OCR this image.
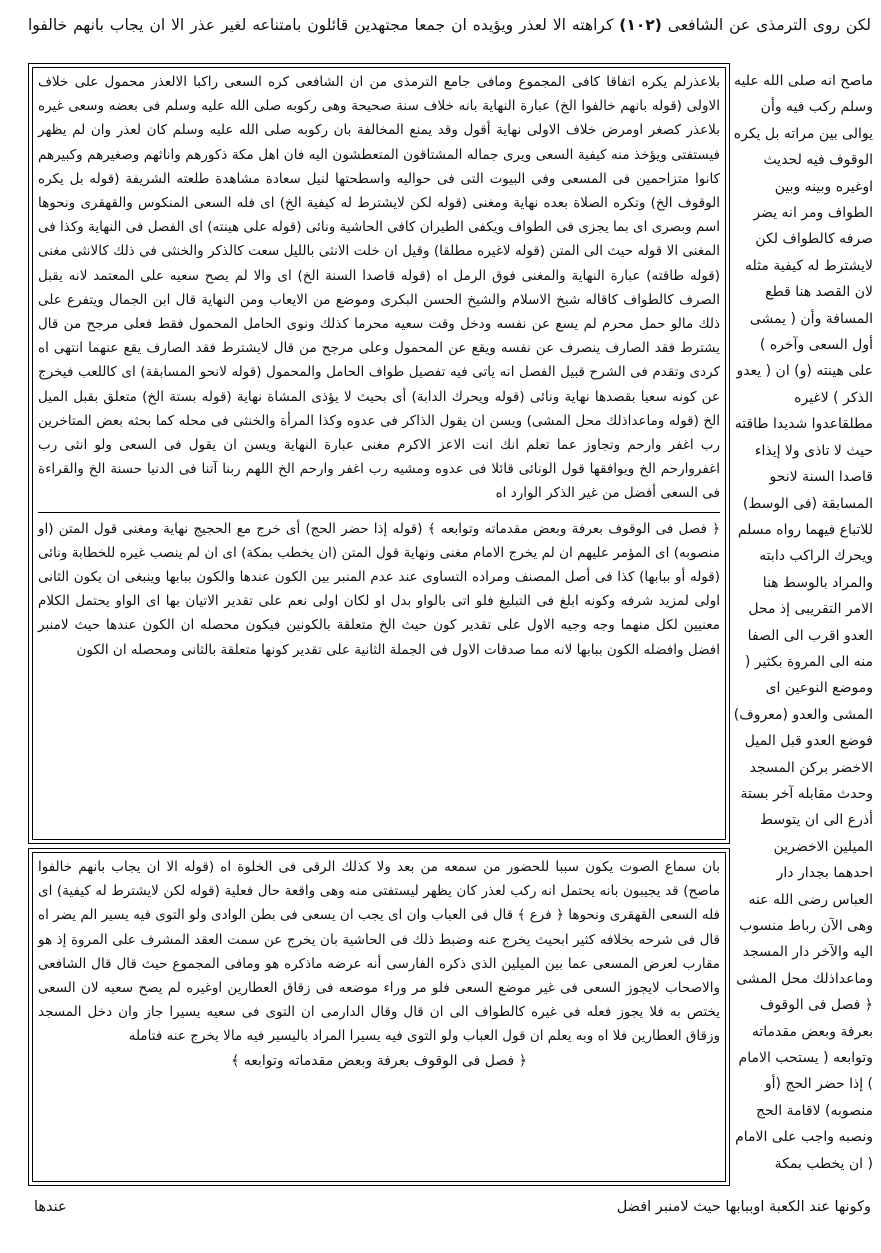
لكن روى الترمذى عن الشافعى (١٠٢) كراهته الا لعذر ويؤيده ان جمعا مجتهدين قائلون بامتناعه لغير عذر الا ان يجاب بانهم خالفوا
ماصح انه صلى الله عليه وسلم ركب فيه وأن يوالى بين مراته بل يكره الوقوف فيه لحديث اوغيره وبينه وبين الطواف ومر انه يضر صرفه كالطواف لكن لايشترط له كيفية مثله لان القصد هنا قطع المسافة وأن ( يمشى أول السعى وآخره ) على هينته (و) ان ( يعدو الذكر ) لاغيره مطلقاعدوا شديدا طاقته حيث لا تاذى ولا إيذاء قاصدا السنة لانحو المسابقة (فى الوسط) للاتباع فيهما رواه مسلم ويحرك الراكب دابته والمراد بالوسط هنا الامر التقريبى إذ محل العدو اقرب الى الصفا منه الى المروة بكثير ( وموضع النوعين اى المشى والعدو (معروف) فوضع العدو قبل الميل الاخضر بركن المسجد وحدث مقابله آخر بستة أذرع الى ان يتوسط الميلين الاخضرين احدهما بجدار دار العباس رضى الله عنه وهى الآن رباط منسوب اليه والآخر دار المسجد وماعداذلك محل المشى ﴿ فصل فى الوقوف بعرفة وبعض مقدماته وتوابعه ( يستحب الامام ) إذا حضر الحج (أو منصوبه) لاقامة الحج ونصبه واجب على الامام ( ان يخطب بمكة

بلاعذرلم يكره اتفاقا كافى المجموع ومافى جامع الترمذى من ان الشافعى كره السعى راكبا الالعذر محمول على خلاف الاولى (قوله بانهم خالفوا الخ) عبارة النهاية بانه خلاف سنة صحيحة وهى ركوبه صلى الله عليه وسلم فى بعضه وسعى غيره بلاعذر كصغر اومرض خلاف الاولى نهاية أقول وقد يمنع المخالفة بان ركوبه صلى الله عليه وسلم كان لعذر وان لم يظهر فيستفتى ويؤخذ منه كيفية السعى ويرى جماله المشتاقون المتعطشون اليه فان اهل مكة ذكورهم واناثهم وصغيرهم وكبيرهم كانوا متزاحمين فى المسعى وفى البيوت التى فى حواليه واسطحتها لنيل سعادة مشاهدة طلعته الشريفة (قوله بل يكره الوقوف الخ) وتكره الصلاة بعده نهاية ومغنى (قوله لكن لايشترط له كيفية الخ) اى فله السعى المنكوس والقهقرى ونحوها اسم وبصرى اى بما يجزى فى الطواف ويكفى الطيران كافى الحاشية ونائى (قوله على هينته) اى الفصل فى النهاية وكذا فى المغنى الا قوله حيث الى المتن (قوله لاغيره مطلقا) وقيل ان خلت الانثى بالليل سعت كالذكر والخنثى فى ذلك كالانثى مغنى (قوله طاقته) عبارة النهاية والمغنى فوق الرمل اه (قوله قاصدا السنة الخ) اى والا لم يصح سعيه على المعتمد لانه يقبل الصرف كالطواف كاقاله شيخ الاسلام والشيخ الحسن البكرى وموضع من الايعاب ومن النهاية قال ابن الجمال ويتفرع على ذلك مالو حمل محرم لم يسع عن نفسه ودخل وقت سعيه محرما كذلك ونوى الحامل المحمول فقط فعلى مرجح من قال يشترط فقد الصارف ينصرف عن نفسه ويقع عن المحمول وعلى مرجح من قال لايشترط فقد الصارف يقع عنهما انتهى اه كردى وتقدم فى الشرح قبيل الفصل انه ياتى فيه تفصيل طواف الحامل والمحمول (قوله لانحو المسابقة) اى كاللعب فيخرج عن كونه سعيا بقصدها نهاية ونائى (قوله ويحرك الدابة) أى بحيث لا يؤذى المشاة نهاية (قوله بستة الخ) متعلق بقبل الميل الخ (قوله وماعداذلك محل المشى) ويسن ان يقول الذاكر فى عدوه وكذا المرأة والخنثى فى محله كما بحثه بعض المتاخرين رب اغفر وارحم وتجاوز عما تعلم انك انت الاعز الاكرم مغنى عبارة النهاية ويسن ان يقول فى السعى ولو انثى رب اغفروارحم الخ ويوافقها قول الونائى قائلا فى عدوه ومشيه رب اغفر وارحم الخ اللهم ربنا آتنا فى الدنيا حسنة الخ والقراءة فى السعى أفضل من غير الذكر الوارد اه

﴿ فصل فى الوقوف بعرفة وبعض مقدماته وتوابعه ﴾ (قوله إذا حضر الحج) أى خرج مع الحجيج نهاية ومغنى قول المتن (او منصوبه) اى المؤمر عليهم ان لم يخرج الامام مغنى ونهاية قول المتن (ان يخطب بمكة) اى ان لم ينصب غيره للخطابة ونائى (قوله أو ببابها) كذا فى أصل المصنف ومراده التساوى عند عدم المنبر بين الكون عندها والكون ببابها وينبغى ان يكون الثانى اولى لمزيد شرفه وكونه ابلغ فى التبليغ فلو اتى بالواو بدل او لكان اولى نعم على تقدير الاتيان بها اى الواو يحتمل الكلام معنيين لكل منهما وجه وجيه الاول على تقدير كون حيث الخ متعلقة بالكونين فيكون محصله ان الكون عندها حيث لامنبر افضل وافضله الكون ببابها لانه مما صدقات الاول فى الجملة الثانية على تقدير كونها متعلقة بالثانى ومحصله ان الكون

بان سماع الصوت يكون سببا للحضور من سمعه من بعد ولا كذلك الرقى فى الخلوة اه (قوله الا ان يجاب بانهم خالفوا ماصح) قد يجيبون بانه يحتمل انه ركب لعذر كان يظهر ليستفتى منه وهى واقعة حال فعلية (قوله لكن لايشترط له كيفية) اى فله السعى القهقرى ونحوها ﴿ فرع ﴾ قال فى العباب وان اى يجب ان يسعى فى بطن الوادى ولو التوى فيه يسير الم يضر اه قال فى شرحه بخلافه كثير ابحيث يخرج عنه وضبط ذلك فى الحاشية بان يخرج عن سمت العقد المشرف على المروة إذ هو مقارب لعرض المسعى عما بين الميلين الذى ذكره الفارسى أنه عرضه ماذكره هو ومافى المجموع حيث قال قال الشافعى والاصحاب لايجوز السعى فى غير موضع السعى فلو مر وراء موضعه فى زقاق العطارين اوغيره لم يصح سعيه لان السعى يختص به فلا يجوز فعله فى غيره كالطواف الى ان قال وقال الدارمى ان التوى فى سعيه يسيرا جاز وان دخل المسجد وزقاق العطارين فلا اه وبه يعلم ان قول العباب ولو التوى فيه يسيرا المراد باليسير فيه مالا يخرج عنه فتامله

﴿ فصل فى الوقوف بعرفة وبعض مقدماته وتوابعه ﴾

عندها	وكونها عند الكعبة اوببابها حيث لامنبر افضل
